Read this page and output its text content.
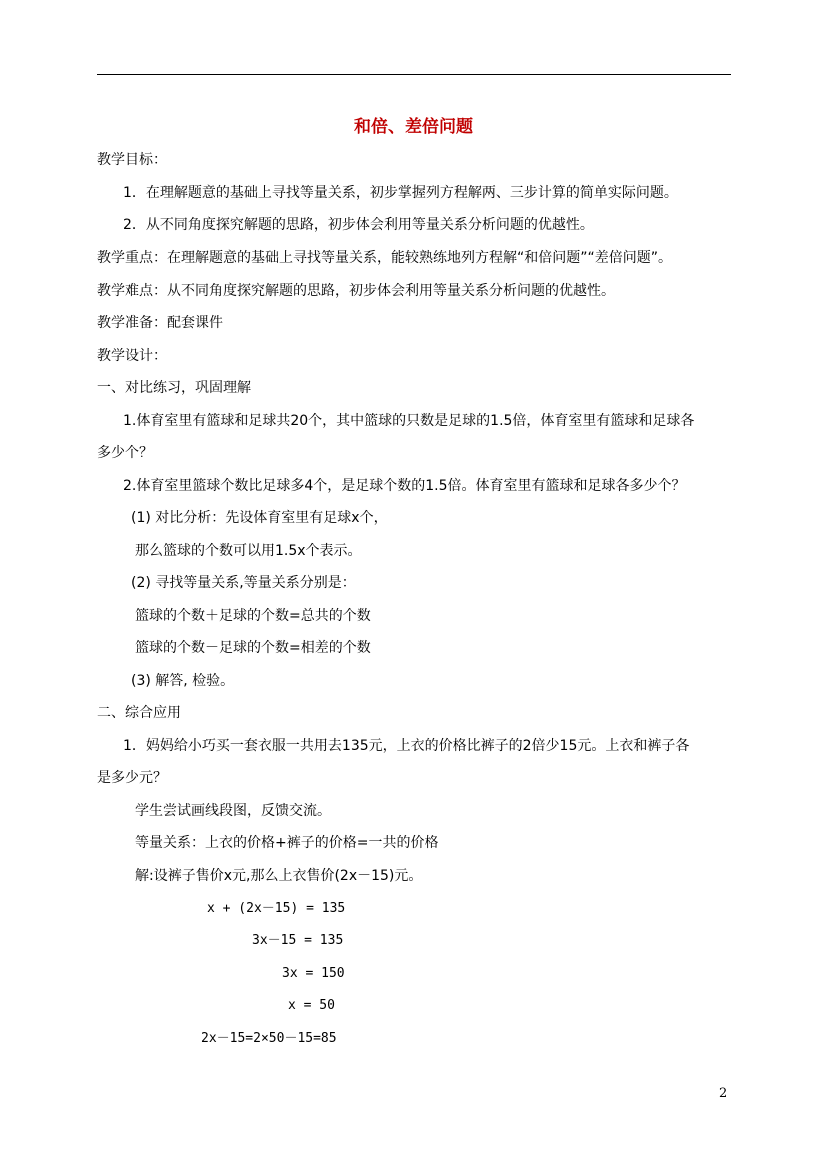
和倍、差倍问题
教学目标：
1．在理解题意的基础上寻找等量关系，初步掌握列方程解两、三步计算的简单实际问题。
2．从不同角度探究解题的思路，初步体会利用等量关系分析问题的优越性。
教学重点：在理解题意的基础上寻找等量关系，能较熟练地列方程解“和倍问题”“差倍问题”。
教学难点：从不同角度探究解题的思路，初步体会利用等量关系分析问题的优越性。
教学准备：配套课件
教学设计：
一、对比练习，巩固理解
1.体育室里有篮球和足球共20个，其中篮球的只数是足球的1.5倍，体育室里有篮球和足球各
多少个？
2.体育室里篮球个数比足球多4个，是足球个数的1.5倍。体育室里有篮球和足球各多少个？
(1) 对比分析：先设体育室里有足球x个，
那么篮球的个数可以用1.5x个表示。
(2) 寻找等量关系,等量关系分别是：
篮球的个数＋足球的个数=总共的个数
篮球的个数－足球的个数=相差的个数
(3) 解答, 检验。
二、综合应用
1．妈妈给小巧买一套衣服一共用去135元，上衣的价格比裤子的2倍少15元。上衣和裤子各
是多少元？
学生尝试画线段图，反馈交流。
等量关系：上衣的价格+裤子的价格=一共的价格
解:设裤子售价x元,那么上衣售价(2x－15)元。
x + (2x－15) = 135
3x－15 = 135
3x = 150
x = 50
2x－15=2×50－15=85
2
